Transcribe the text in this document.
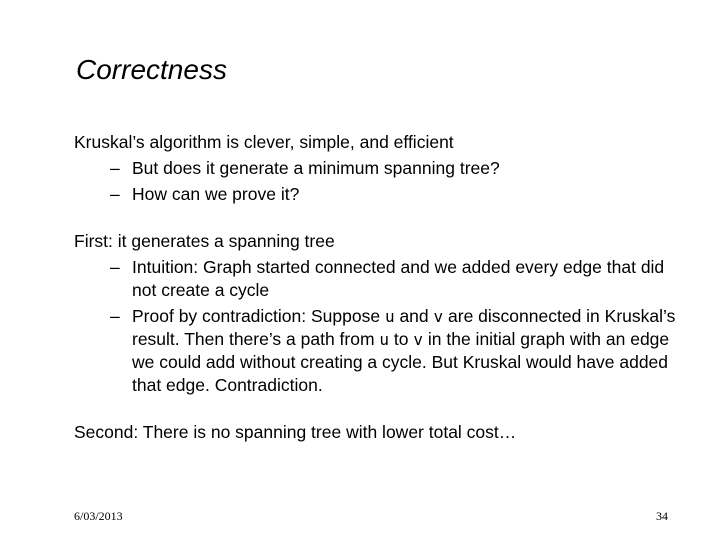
Correctness

Kruskal’s algorithm is clever, simple, and efficient

– But does it generate a minimum spanning tree?

– How can we prove it?

First: it generates a spanning tree

– Intuition: Graph started connected and we added every edge that did not create a cycle

– Proof by contradiction: Suppose u and v are disconnected in Kruskal’s result. Then there’s a path from u to v in the initial graph with an edge we could add without creating a cycle. But Kruskal would have added that edge. Contradiction.

Second: There is no spanning tree with lower total cost…

6/03/2013	34
